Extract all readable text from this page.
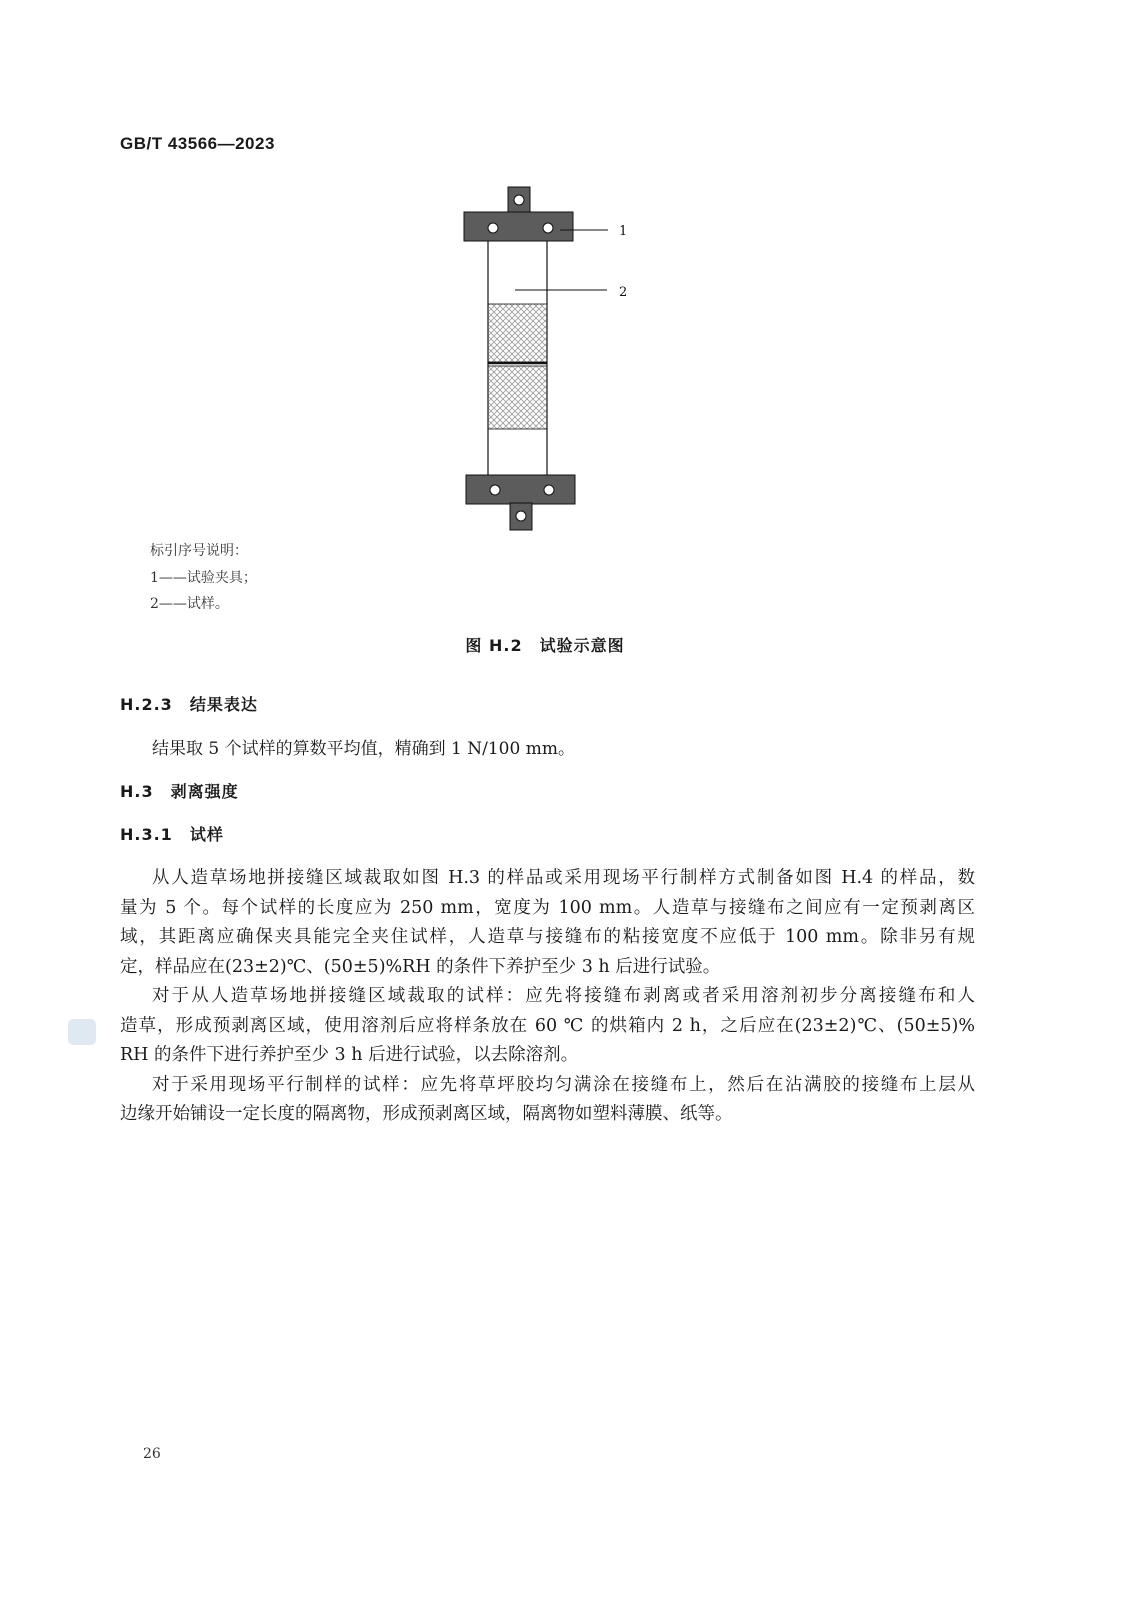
GB/T 43566—2023
1
2
标引序号说明：
1——试验夹具；
2——试样。
图 H.2　试验示意图
H.2.3　结果表达
结果取 5 个试样的算数平均值，精确到 1 N/100 mm。
H.3　剥离强度
H.3.1　试样
从人造草场地拼接缝区域裁取如图 H.3 的样品或采用现场平行制样方式制备如图 H.4 的样品，数
量为 5 个。每个试样的长度应为 250 mm，宽度为 100 mm。人造草与接缝布之间应有一定预剥离区
域，其距离应确保夹具能完全夹住试样，人造草与接缝布的粘接宽度不应低于 100 mm。除非另有规
定，样品应在(23±2)℃、(50±5)%RH 的条件下养护至少 3 h 后进行试验。
对于从人造草场地拼接缝区域裁取的试样：应先将接缝布剥离或者采用溶剂初步分离接缝布和人
造草，形成预剥离区域，使用溶剂后应将样条放在 60 ℃ 的烘箱内 2 h，之后应在(23±2)℃、(50±5)%
RH 的条件下进行养护至少 3 h 后进行试验，以去除溶剂。
对于采用现场平行制样的试样：应先将草坪胶均匀满涂在接缝布上，然后在沾满胶的接缝布上层从
边缘开始铺设一定长度的隔离物，形成预剥离区域，隔离物如塑料薄膜、纸等。
26
